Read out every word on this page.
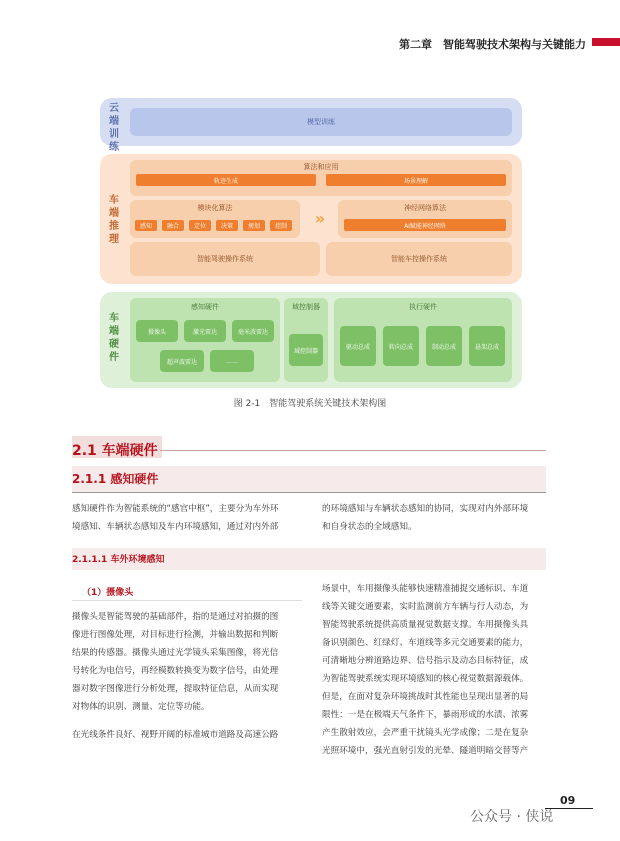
第二章　智能驾驶技术架构与关键能力
云端训练
模型训练
车端推理
算法和应用
轨迹生成	场景理解
模块化算法
感知	融合	定位	决策	规划	控制	»
神经网络算法
AI赋能神经网络
智能驾驶操作系统	智能车控操作系统
车端硬件
感知硬件
摄像头	激光雷达	毫米波雷达
超声波雷达	……
域控制器
域控制器
执行硬件
驱动总成	转向总成	制动总成	悬架总成
图 2-1　智能驾驶系统关键技术架构图
2.1 车端硬件
2.1.1 感知硬件
感知硬件作为智能系统的“感官中枢”，主要分为车外环
境感知、车辆状态感知及车内环境感知，通过对内外部
的环境感知与车辆状态感知的协同，实现对内外部环境
和自身状态的全域感知。
2.1.1.1 车外环境感知
（1）摄像头
摄像头是智能驾驶的基础部件，指的是通过对拍摄的图
像进行图像处理，对目标进行检测，并输出数据和判断
结果的传感器。摄像头通过光学镜头采集图像，将光信
号转化为电信号，再经模数转换变为数字信号，由处理
器对数字图像进行分析处理，提取特征信息，从而实现
对物体的识别、测量、定位等功能。
在光线条件良好、视野开阔的标准城市道路及高速公路
场景中，车用摄像头能够快速精准捕捉交通标识、车道
线等关键交通要素，实时监测前方车辆与行人动态，为
智能驾驶系统提供高质量视觉数据支撑。车用摄像头具
备识别颜色、红绿灯、车道线等多元交通要素的能力，
可清晰地分辨道路边界、信号指示及动态目标特征，成
为智能驾驶系统实现环境感知的核心视觉数据源载体。
但是，在面对复杂环境挑战时其性能也呈现出显著的局
限性：一是在极端天气条件下，暴雨形成的水渍、浓雾
产生散射效应，会严重干扰镜头光学成像；二是在复杂
光照环境中，强光直射引发的光晕、隧道明暗交替等产
09
公众号 · 侠说
